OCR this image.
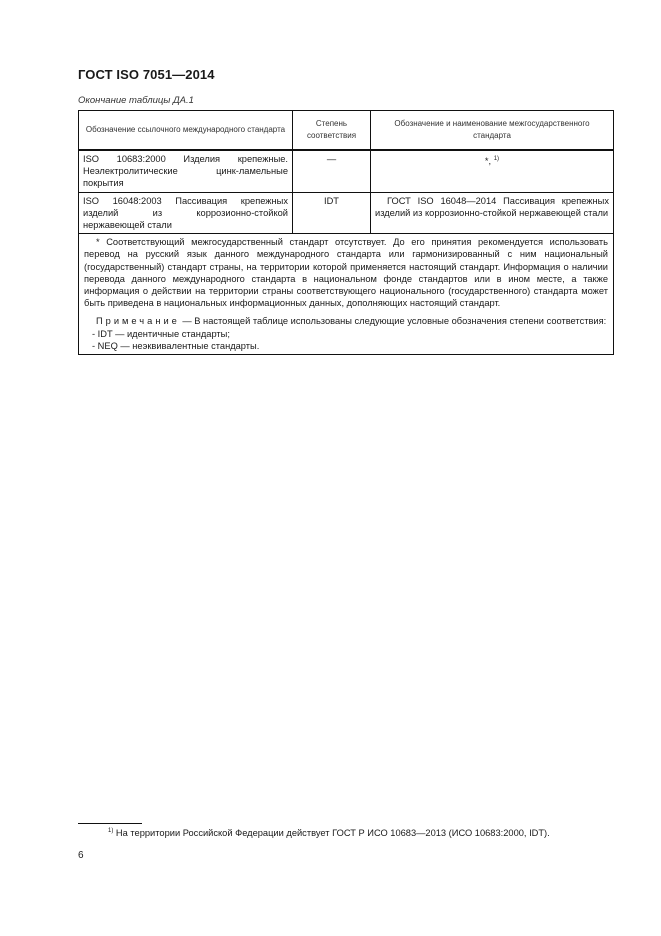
ГОСТ ISO 7051—2014
Окончание таблицы ДА.1
Обозначение ссылочного международного стандарта	Степень соответствия	Обозначение и наименование межгосударственного стандарта
ISO 10683:2000 Изделия крепежные. Неэлектролитические цинк-ламельные покрытия	—	*, $^{1)}$
ISO 16048:2003 Пассивация крепежных изделий из коррозионно-стойкой нержавеющей стали	IDT	ГОСТ ISO 16048—2014 Пассивация крепежных изделий из коррозионно-стойкой нержавеющей стали

* Соответствующий межгосударственный стандарт отсутствует. До его принятия рекомендуется использовать перевод на русский язык данного международного стандарта или гармонизированный с ним национальный (государственный) стандарт страны, на территории которой применяется настоящий стандарт. Информация о наличии перевода данного международного стандарта в национальном фонде стандартов или в ином месте, а также информация о действии на территории страны соответствующего национального (государственного) стандарта может быть приведена в национальных информационных данных, дополняющих настоящий стандарт.

Примечание — В настоящей таблице использованы следующие условные обозначения степени соответствия:

- IDT — идентичные стандарты;

- NEQ — неэквивалентные стандарты.		

$^{1)}$ На территории Российской Федерации действует ГОСТ Р ИСО 10683—2013 (ИСО 10683:2000, IDT).
6
